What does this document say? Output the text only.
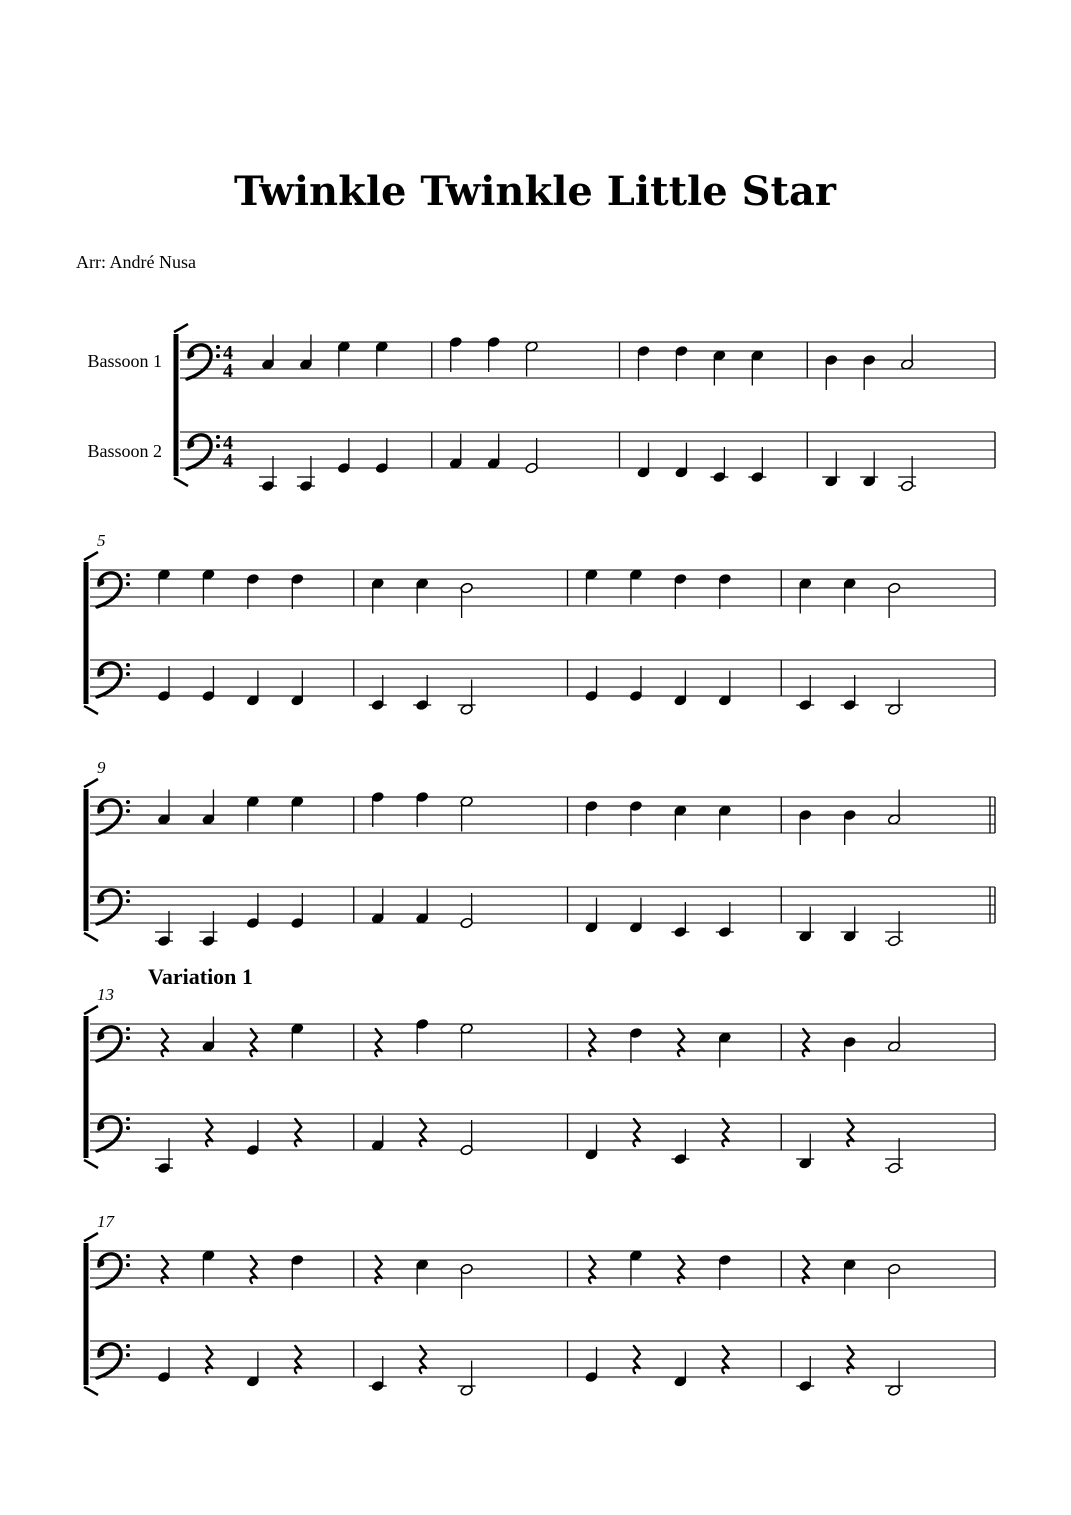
Twinkle Twinkle Little Star
Arr: André Nusa
4
4
4
4
Bassoon 1
Bassoon 2
5
9
13
Variation 1
17
